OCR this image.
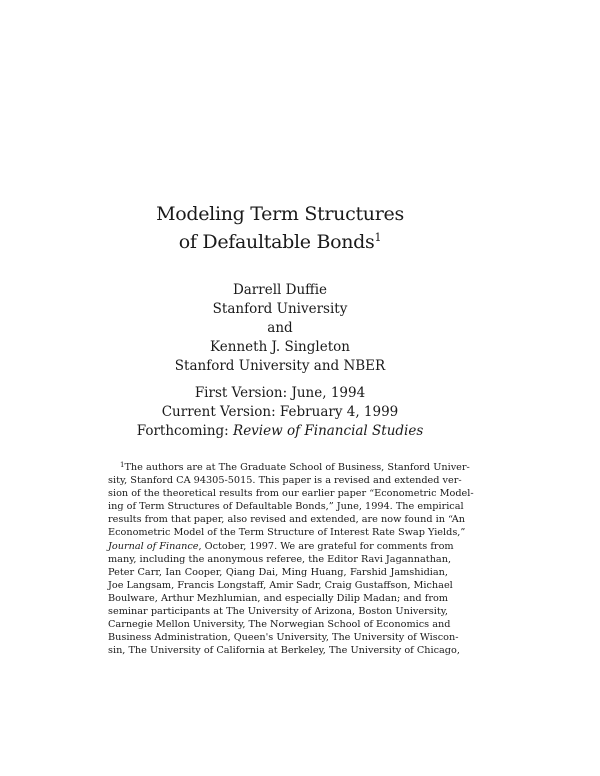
Modeling Term Structures
of Defaultable Bonds$^1$
Darrell Duffie
Stanford University
and
Kenneth J. Singleton
Stanford University and NBER
First Version: June, 1994
Current Version: February 4, 1999
Forthcoming: Review of Financial Studies
$^1$The authors are at The Graduate School of Business, Stanford Univer-
sity, Stanford CA 94305-5015. This paper is a revised and extended ver-
sion of the theoretical results from our earlier paper “Econometric Model-
ing of Term Structures of Defaultable Bonds,” June, 1994. The empirical
results from that paper, also revised and extended, are now found in “An
Econometric Model of the Term Structure of Interest Rate Swap Yields,”
Journal of Finance, October, 1997. We are grateful for comments from
many, including the anonymous referee, the Editor Ravi Jagannathan,
Peter Carr, Ian Cooper, Qiang Dai, Ming Huang, Farshid Jamshidian,
Joe Langsam, Francis Longstaff, Amir Sadr, Craig Gustaffson, Michael
Boulware, Arthur Mezhlumian, and especially Dilip Madan; and from
seminar participants at The University of Arizona, Boston University,
Carnegie Mellon University, The Norwegian School of Economics and
Business Administration, Queen's University, The University of Wiscon-
sin, The University of California at Berkeley, The University of Chicago,
